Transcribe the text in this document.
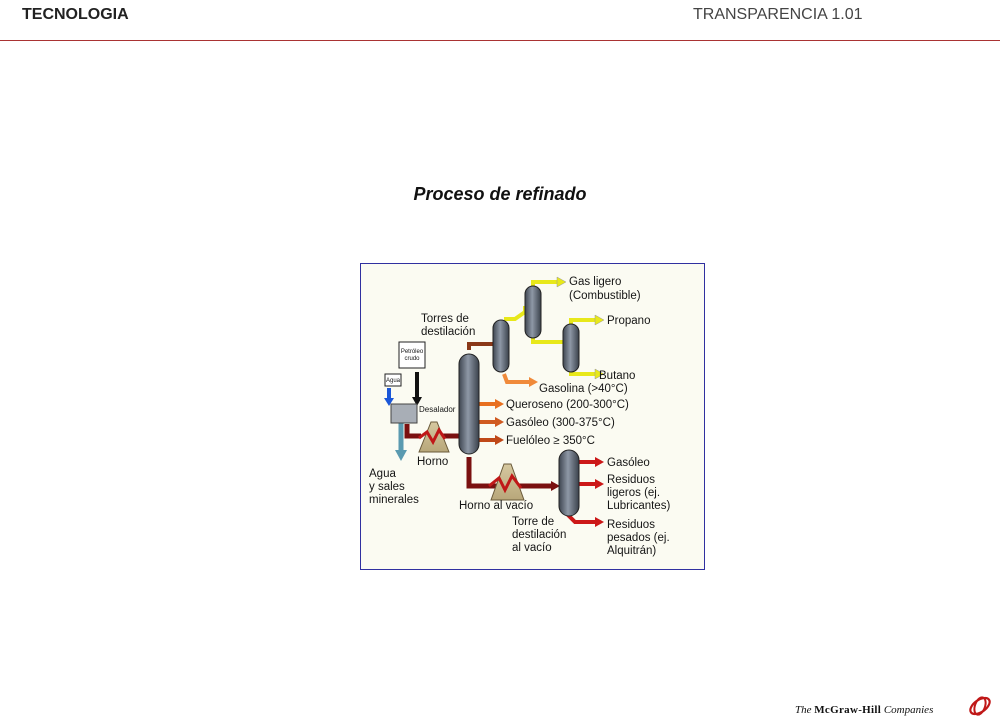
TECNOLOGIA	TRANSPARENCIA 1.01
Proceso de refinado
Petróleo
crudo
Agua
Gas ligero
(Combustible)
Torres de
destilación
Propano
Butano
Gasolina (>40°C)
Queroseno (200-300°C)
Gasóleo (300-375°C)
Fuelóleo ≥ 350°C
Desalador
Horno
Agua
y sales
minerales
Gasóleo
Residuos
ligeros (ej.
Lubricantes)
Horno al vacío
Torre de
destilación
al vacío
Residuos
pesados (ej.
Alquitrán)
The McGraw-Hill Companies
